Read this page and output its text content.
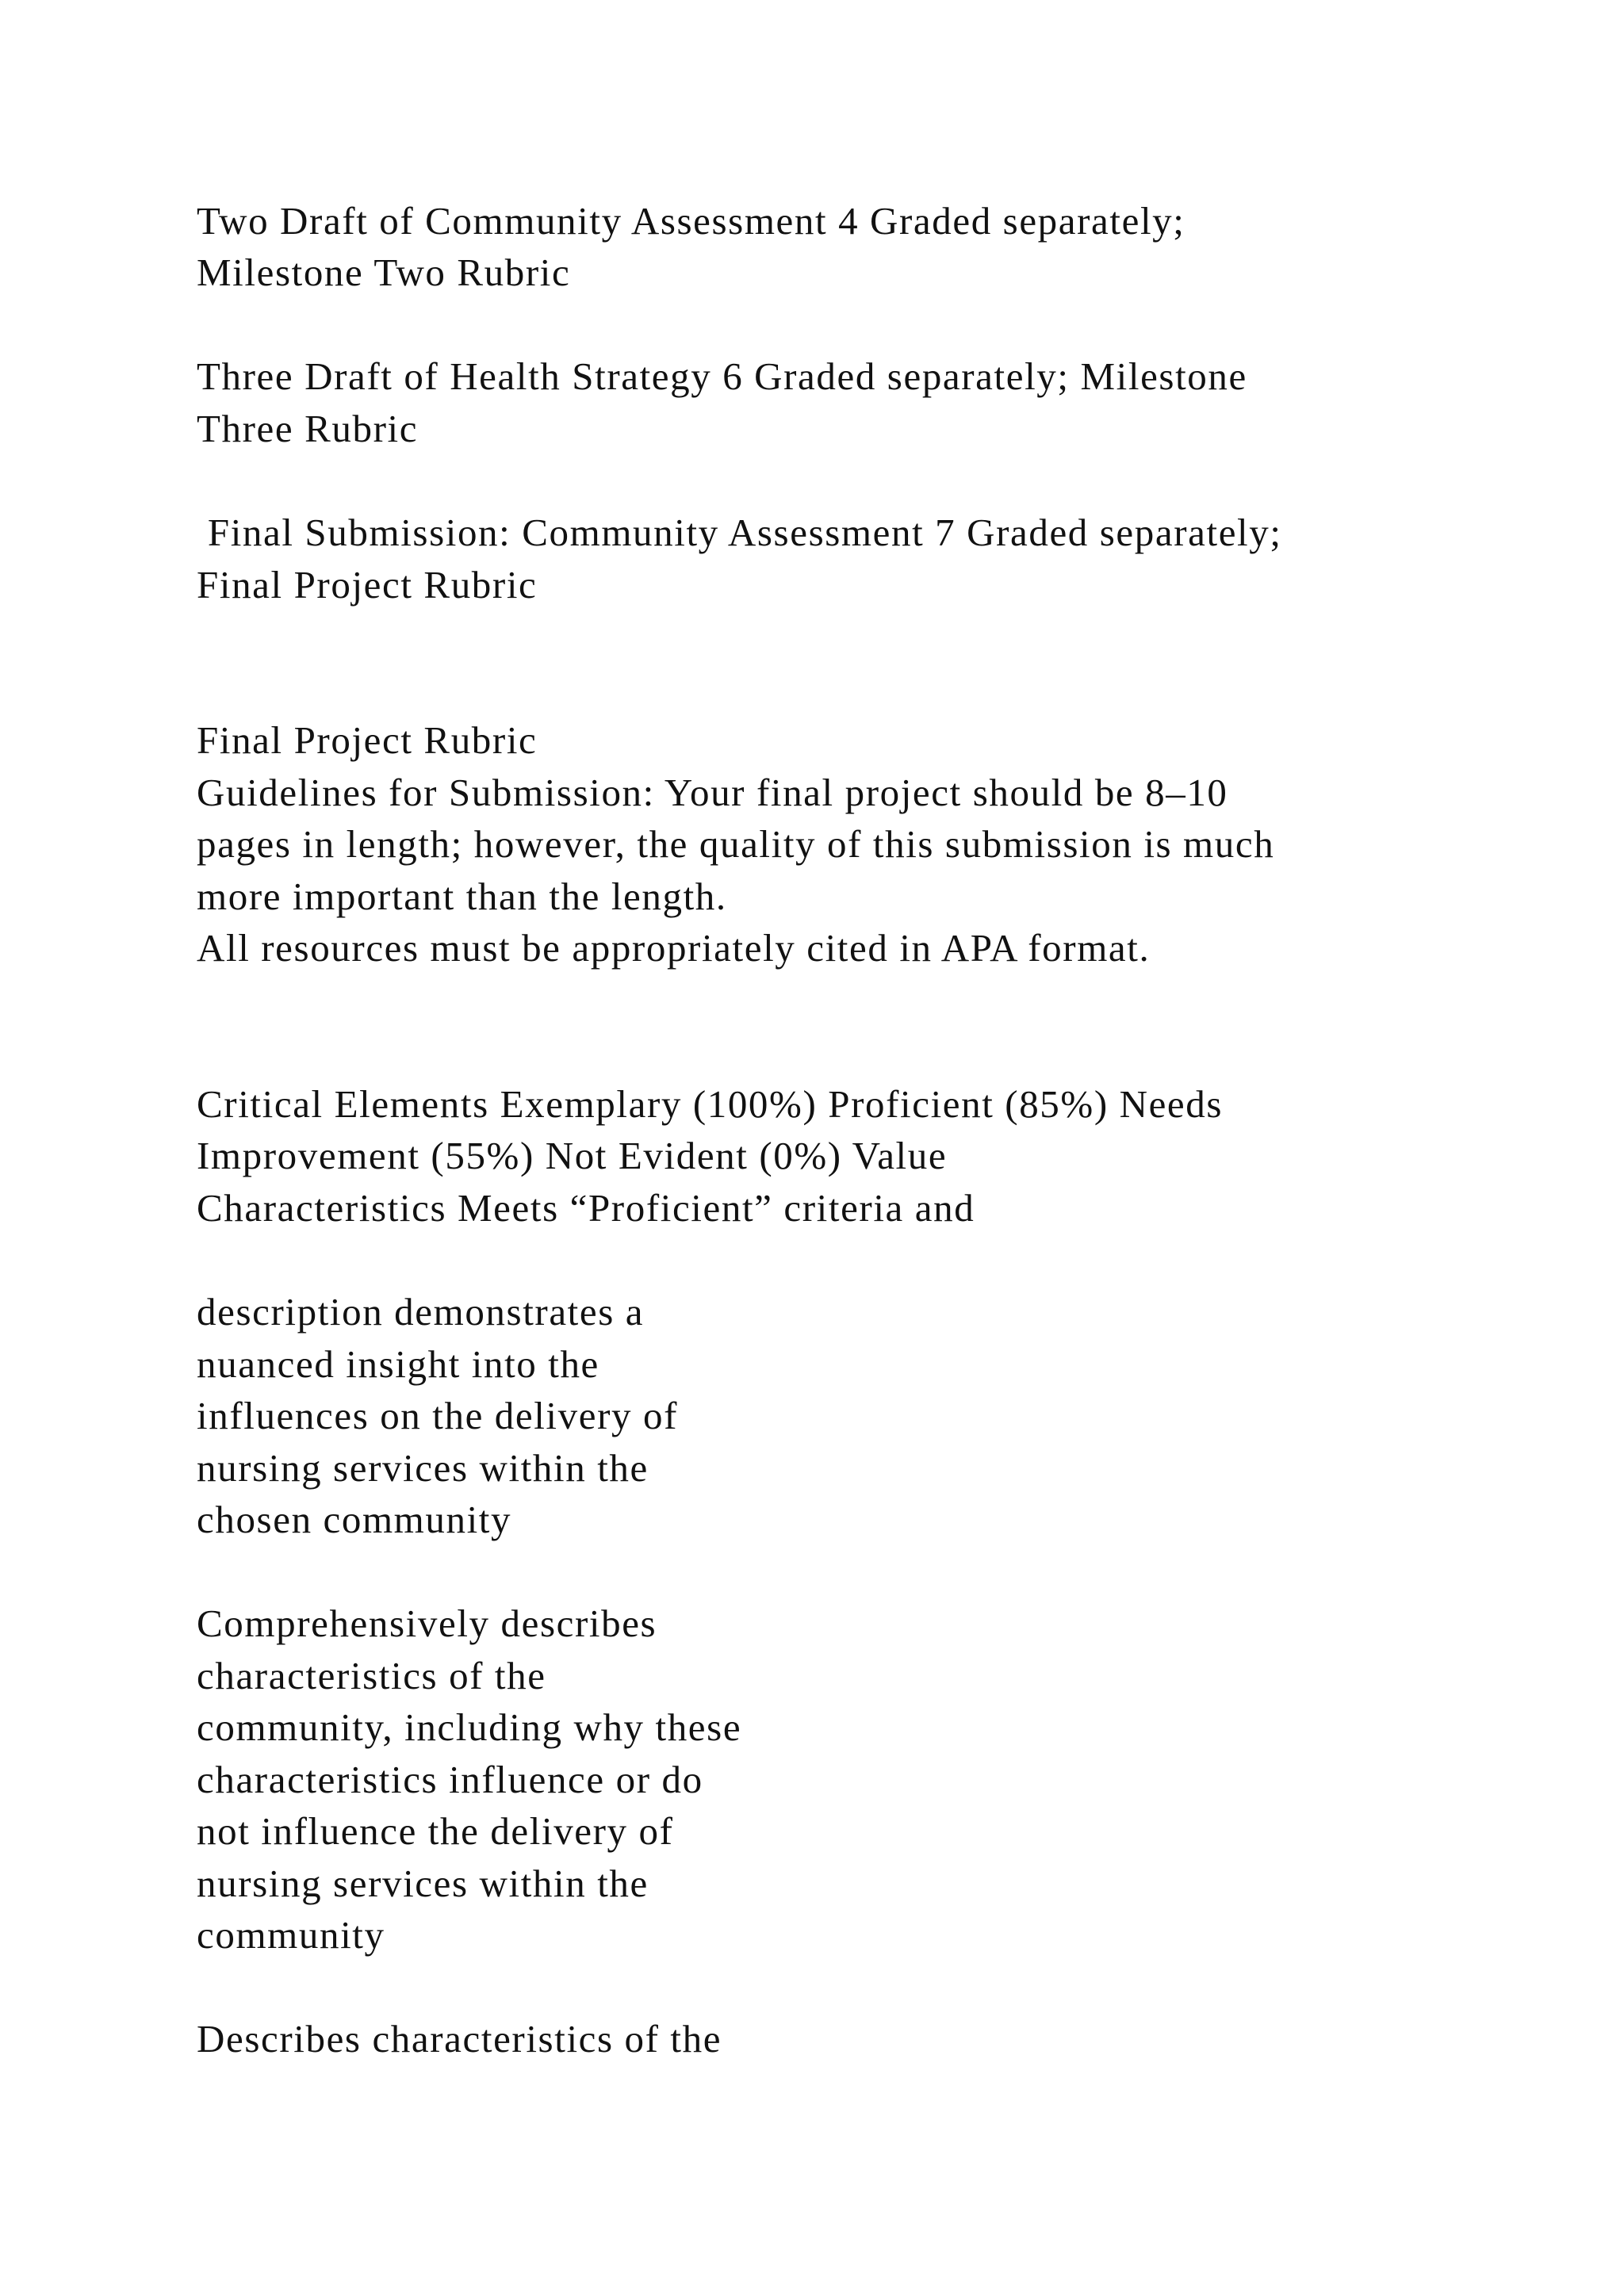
Two Draft of Community Assessment 4 Graded separately;
Milestone Two Rubric
Three Draft of Health Strategy 6 Graded separately; Milestone
Three Rubric
Final Submission: Community Assessment 7 Graded separately;
Final Project Rubric
Final Project Rubric
Guidelines for Submission: Your final project should be 8–10
pages in length; however, the quality of this submission is much
more important than the length.
All resources must be appropriately cited in APA format.
Critical Elements Exemplary (100%) Proficient (85%) Needs
Improvement (55%) Not Evident (0%) Value
Characteristics Meets “Proficient” criteria and
description demonstrates a
nuanced insight into the
influences on the delivery of
nursing services within the
chosen community
Comprehensively describes
characteristics of the
community, including why these
characteristics influence or do
not influence the delivery of
nursing services within the
community
Describes characteristics of the
